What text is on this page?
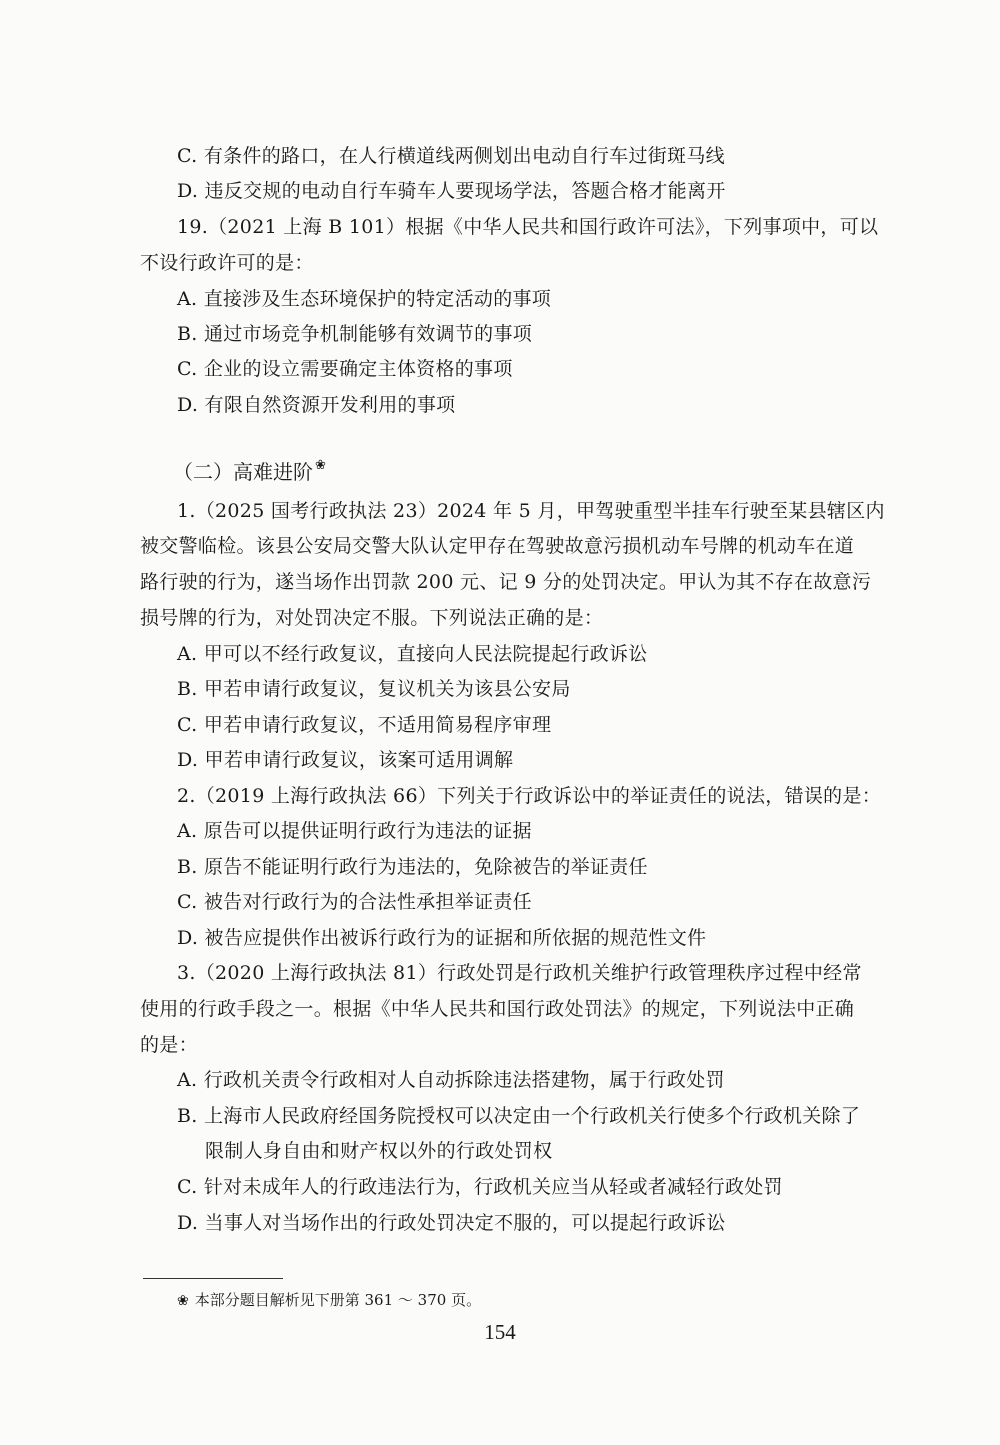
C. 有条件的路口，在人行横道线两侧划出电动自行车过街斑马线
D. 违反交规的电动自行车骑车人要现场学法，答题合格才能离开
19.（2021 上海 B 101）根据《中华人民共和国行政许可法》，下列事项中，可以
不设行政许可的是：
A. 直接涉及生态环境保护的特定活动的事项
B. 通过市场竞争机制能够有效调节的事项
C. 企业的设立需要确定主体资格的事项
D. 有限自然资源开发利用的事项
（二）高难进阶 ❀
1.（2025 国考行政执法 23）2024 年 5 月，甲驾驶重型半挂车行驶至某县辖区内
被交警临检。该县公安局交警大队认定甲存在驾驶故意污损机动车号牌的机动车在道
路行驶的行为，遂当场作出罚款 200 元、记 9 分的处罚决定。甲认为其不存在故意污
损号牌的行为，对处罚决定不服。下列说法正确的是：
A. 甲可以不经行政复议，直接向人民法院提起行政诉讼
B. 甲若申请行政复议，复议机关为该县公安局
C. 甲若申请行政复议，不适用简易程序审理
D. 甲若申请行政复议，该案可适用调解
2.（2019 上海行政执法 66）下列关于行政诉讼中的举证责任的说法，错误的是：
A. 原告可以提供证明行政行为违法的证据
B. 原告不能证明行政行为违法的，免除被告的举证责任
C. 被告对行政行为的合法性承担举证责任
D. 被告应提供作出被诉行政行为的证据和所依据的规范性文件
3.（2020 上海行政执法 81）行政处罚是行政机关维护行政管理秩序过程中经常
使用的行政手段之一。根据《中华人民共和国行政处罚法》的规定，下列说法中正确
的是：
A. 行政机关责令行政相对人自动拆除违法搭建物，属于行政处罚
B. 上海市人民政府经国务院授权可以决定由一个行政机关行使多个行政机关除了
限制人身自由和财产权以外的行政处罚权
C. 针对未成年人的行政违法行为，行政机关应当从轻或者减轻行政处罚
D. 当事人对当场作出的行政处罚决定不服的，可以提起行政诉讼
❀ 本部分题目解析见下册第 361 ～ 370 页。
154
